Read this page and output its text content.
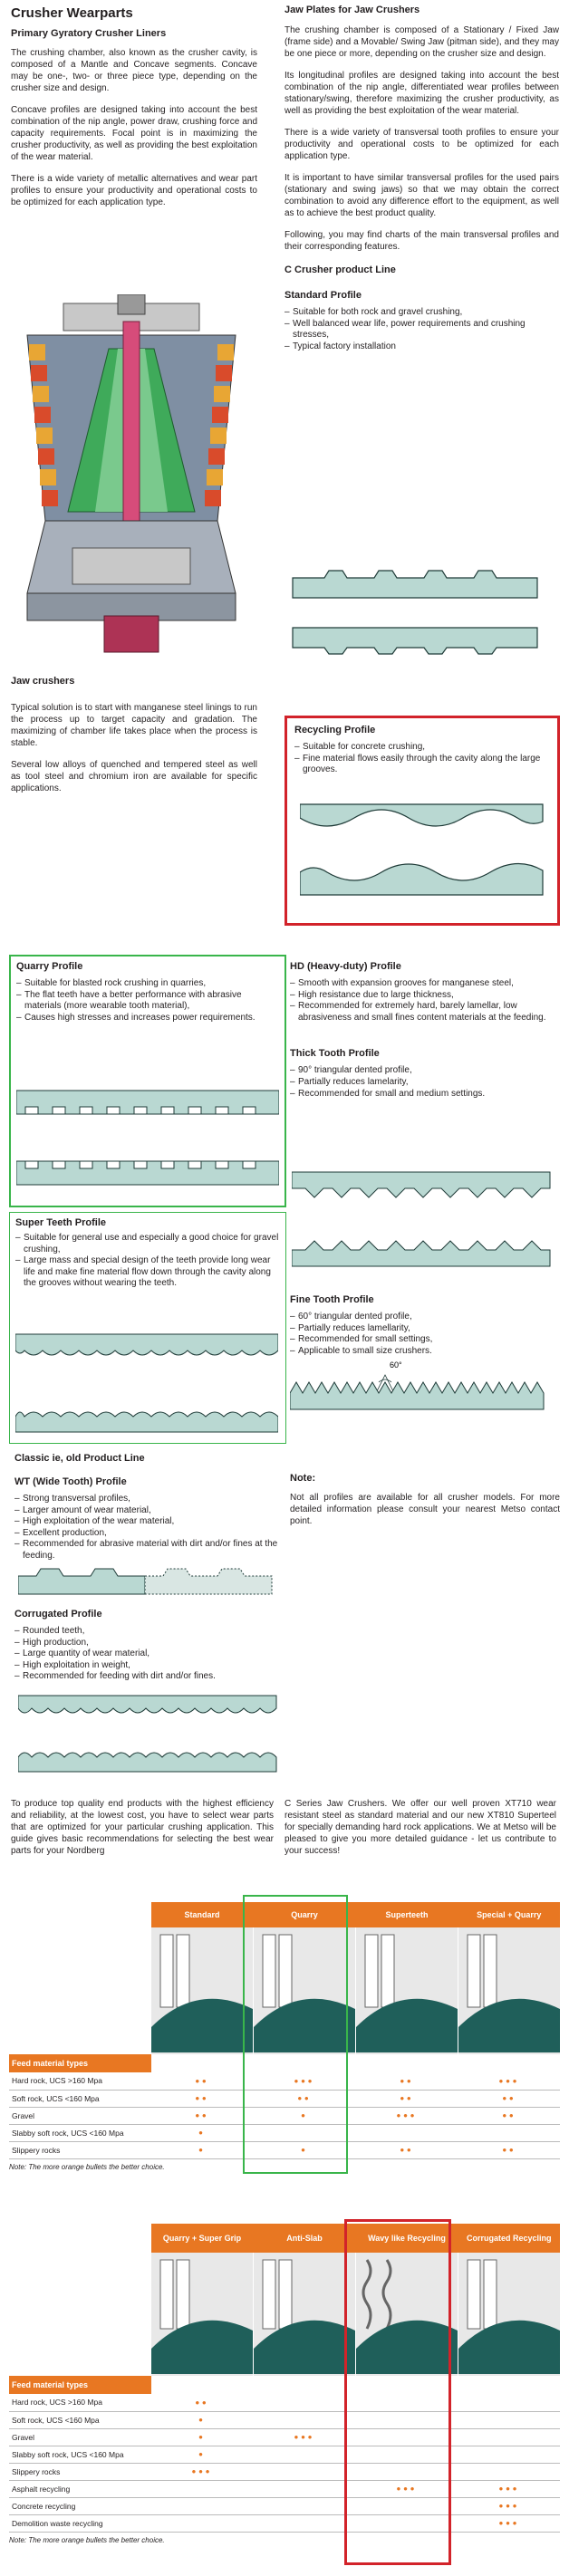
Crusher Wearparts
Primary Gyratory Crusher Liners

The crushing chamber, also known as the crusher cavity, is composed of a Mantle and Concave segments. Concave may be one-, two- or three piece type, depending on the crusher size and design.

Concave profiles are designed taking into account the best combination of the nip angle, power draw, crushing force and capacity requirements. Focal point is in maximizing the crusher productivity, as well as providing the best exploitation of the wear material.

There is a wide variety of metallic alternatives and wear part profiles to ensure your productivity and operational costs to be optimized for each application type.

Jaw crushers

Typical solution is to start with manganese steel linings to run the process up to target capacity and gradation. The maximizing of chamber life takes place when the process is stable.

Several low alloys of quenched and tempered steel as well as tool steel and chromium iron are available for specific applications.

Jaw Plates for Jaw Crushers

The crushing chamber is composed of a Stationary / Fixed Jaw (frame side) and a Movable/ Swing Jaw (pitman side), and they may be one piece or more, depending on the crusher size and design.

Its longitudinal profiles are designed taking into account the best combination of the nip angle, differentiated wear profiles between stationary/swing, therefore maximizing the crusher productivity, as well as providing the best exploitation of the wear material.

There is a wide variety of transversal tooth profiles to ensure your productivity and operational costs to be optimized for each application type.

It is important to have similar transversal profiles for the used pairs (stationary and swing jaws) so that we may obtain the correct combination to avoid any difference effort to the equipment, as well as to achieve the best product quality.

Following, you may find charts of the main transversal profiles and their corresponding features.

C Crusher product Line
Standard Profile
– Suitable for both rock and gravel crushing,
– Well balanced wear life, power requirements and crushing stresses,
– Typical factory installation
Recycling Profile
– Suitable for concrete crushing,
– Fine material flows easily through the cavity along the large grooves.
Quarry Profile
– Suitable for blasted rock crushing in quarries,
– The flat teeth have a better performance with abrasive materials (more wearable tooth material),
– Causes high stresses and increases power requirements.
Super Teeth Profile
– Suitable for general use and especially a good choice for gravel crushing,
– Large mass and special design of the teeth provide long wear life and make fine material flow down through the cavity along the grooves without wearing the teeth.
Classic ie, old Product Line
WT (Wide Tooth) Profile
– Strong transversal profiles,
– Larger amount of wear material,
– High exploitation of the wear material,
– Excellent production,
– Recommended for abrasive material with dirt and/or fines at the feeding.
Corrugated Profile
– Rounded teeth,
– High production,
– Large quantity of wear material,
– High exploitation in weight,
– Recommended for feeding with dirt and/or fines.
HD (Heavy-duty) Profile
– Smooth with expansion grooves for manganese steel,
– High resistance due to large thickness,
– Recommended for extremely hard, barely lamellar, low abrasiveness and small fines content materials at the feeding.
Thick Tooth Profile
– 90° triangular dented profile,
– Partially reduces lamelarity,
– Recommended for small and medium settings.
Fine Tooth Profile
– 60° triangular dented profile,
– Partially reduces lamellarity,
– Recommended for small settings,
– Applicable to small size crushers.
60°
Note:

Not all profiles are available for all crusher models. For more detailed information please consult your nearest Metso contact point.

To produce top quality end products with the highest efficiency and reliability, at the lowest cost, you have to select wear parts that are optimized for your particular crushing application. This guide gives basic recommendations for selecting the best wear parts for your Nordberg

C Series Jaw Crushers. We offer our well proven XT710 wear resistant steel as standard material and our new XT810 Superteel for specially demanding hard rock applications. We at Metso will be pleased to give you more detailed guidance - let us contribute to your success!

	Standard	Quarry	Superteeth	Special + Quarry

Feed material types				
Hard rock, UCS >160 Mpa	••	•••	••	•••
Soft rock, UCS <160 Mpa	••	••	••	••
Gravel	••	•	•••	••
Slabby soft rock, UCS <160 Mpa	•			
Slippery rocks	•	•	••	••
Note: The more orange bullets the better choice.
	Quarry + Super Grip	Anti-Slab	Wavy like Recycling	Corrugated Recycling

Feed material types				
Hard rock, UCS >160 Mpa	••			
Soft rock, UCS <160 Mpa	•			
Gravel	•	•••		
Slabby soft rock, UCS <160 Mpa	•			
Slippery rocks	•••			
Asphalt recycling			•••	•••
Concrete recycling				•••
Demolition waste recycling				•••
Note: The more orange bullets the better choice.
